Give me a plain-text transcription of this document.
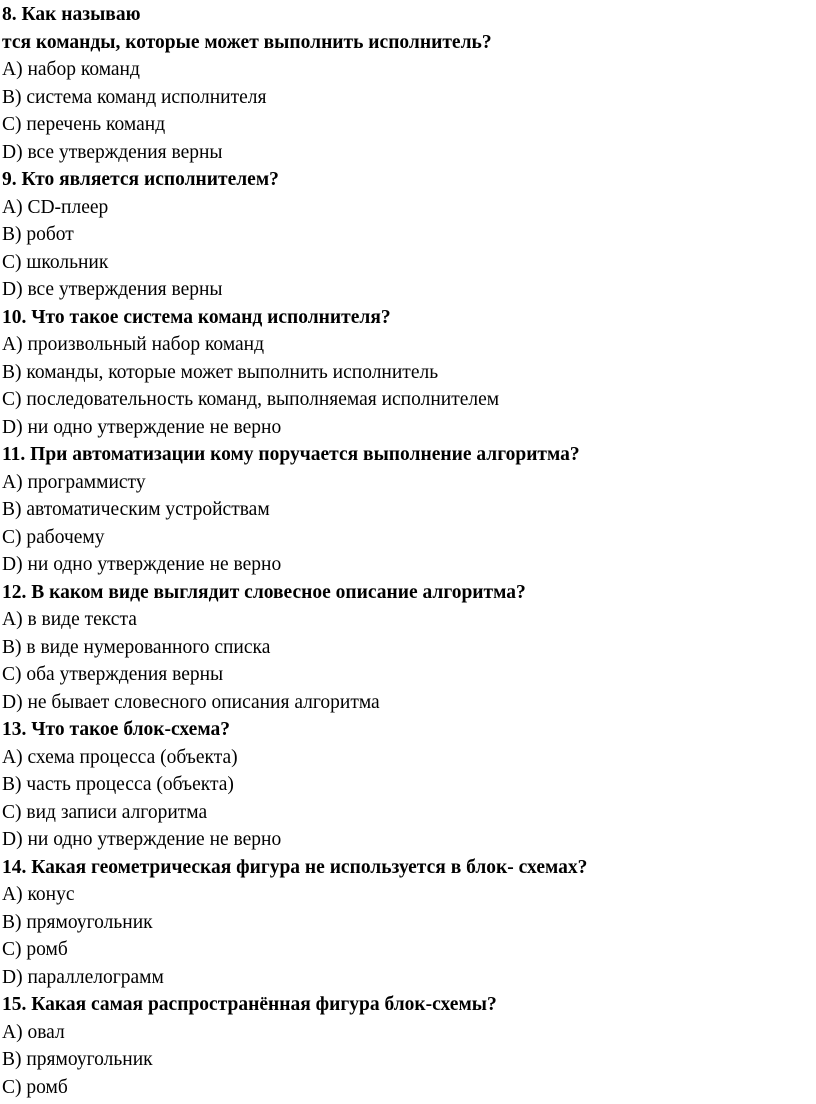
8. Как называю
тся команды, которые может выполнить исполнитель?
A) набор команд
B) система команд исполнителя
C) перечень команд
D) все утверждения верны
9. Кто является исполнителем?
A) CD-плеер
B) робот
C) школьник
D) все утверждения верны
10. Что такое система команд исполнителя?
A) произвольный набор команд
B) команды, которые может выполнить исполнитель
C) последовательность команд, выполняемая исполнителем
D) ни одно утверждение не верно
11. При автоматизации кому поручается выполнение алгоритма?
A) программисту
B) автоматическим устройствам
C) рабочему
D) ни одно утверждение не верно
12. В каком виде выглядит словесное описание алгоритма?
A) в виде текста
B) в виде нумерованного списка
C) оба утверждения верны
D) не бывает словесного описания алгоритма
13. Что такое блок-схема?
A) схема процесса (объекта)
B) часть процесса (объекта)
C) вид записи алгоритма
D) ни одно утверждение не верно
14. Какая геометрическая фигура не используется в блок- схемах?
A) конус
B) прямоугольник
C) ромб
D) параллелограмм
15. Какая самая распространённая фигура блок-схемы?
A) овал
B) прямоугольник
C) ромб
